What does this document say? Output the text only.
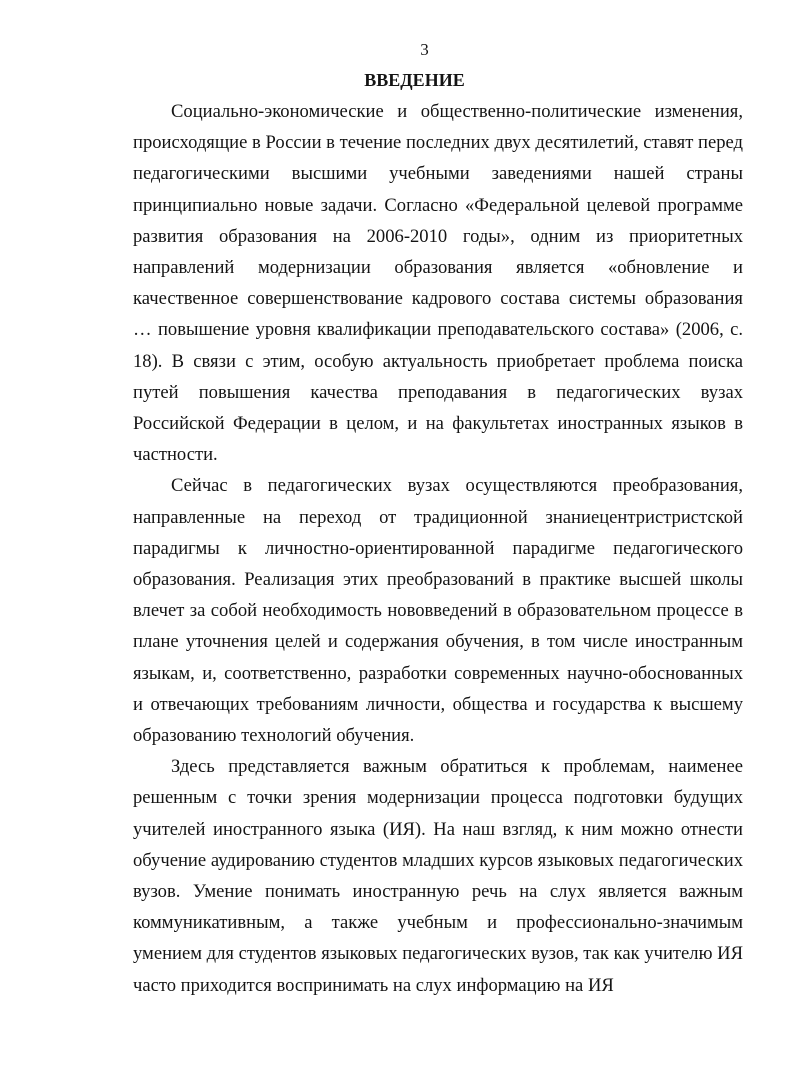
3
ВВЕДЕНИЕ

Социально-экономические и общественно-политические изменения, происходящие в России в течение последних двух десятилетий, ставят перед педагогическими высшими учебными заведениями нашей страны принципиально новые задачи. Согласно «Федеральной целевой программе развития образования на 2006-2010 годы», одним из приоритетных направлений модернизации образования является «обновление и качественное совершенствование кадрового состава системы образования … повышение уровня квалификации преподавательского состава» (2006, с. 18). В связи с этим, особую актуальность приобретает проблема поиска путей повышения качества преподавания в педагогических вузах Российской Федерации в целом, и на факультетах иностранных языков в частности.

Сейчас в педагогических вузах осуществляются преобразования, направленные на переход от традиционной знаниецентристристской парадигмы к личностно-ориентированной парадигме педагогического образования. Реализация этих преобразований в практике высшей школы влечет за собой необходимость нововведений в образовательном процессе в плане уточнения целей и содержания обучения, в том числе иностранным языкам, и, соответственно, разработки современных научно-обоснованных и отвечающих требованиям личности, общества и государства к высшему образованию технологий обучения.

Здесь представляется важным обратиться к проблемам, наименее решенным с точки зрения модернизации процесса подготовки будущих учителей иностранного языка (ИЯ). На наш взгляд, к ним можно отнести обучение аудированию студентов младших курсов языковых педагогических вузов. Умение понимать иностранную речь на слух является важным коммуникативным, а также учебным и профессионально-значимым умением для студентов языковых педагогических вузов, так как учителю ИЯ часто приходится воспринимать на слух информацию на ИЯ
